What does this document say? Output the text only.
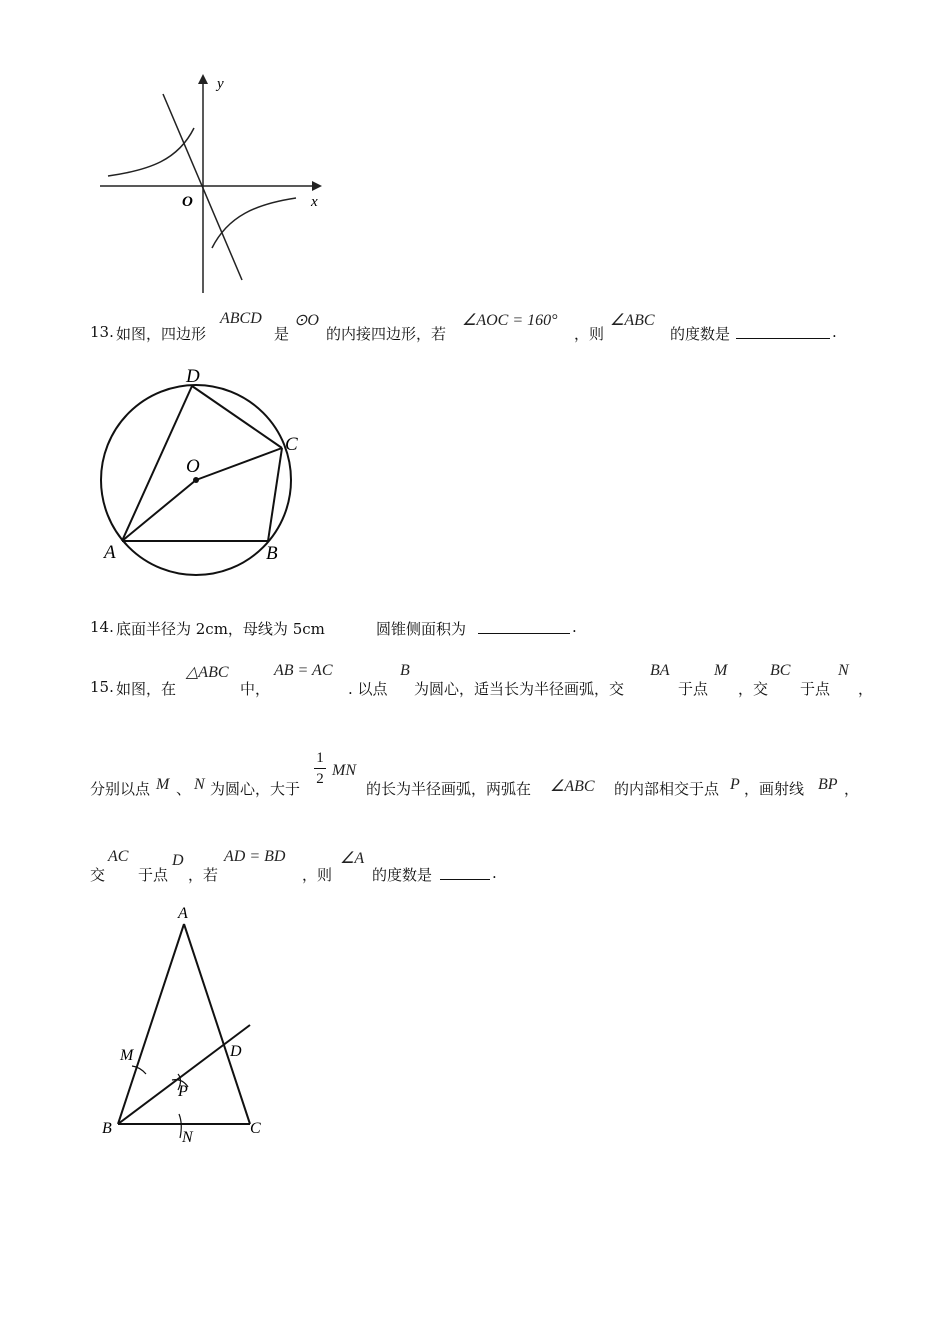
y
x
O
13. 如图，四边形
ABCD
是
⊙O
的内接四边形，若
∠AOC = 160°
，则
∠ABC
的度数是	.
D
C
O
A	B
14. 底面半径为 2cm，母线为 5cm	圆锥侧面积为	.
15. 如图，在
△ABC
中，
AB = AC
. 以点
B
为圆心，适当长为半径画弧，交
BA
于点
M
，交
BC
于点
N
，
分别以点 M 、 N 为圆心，大于
1
2 MN
的长为半径画弧，两弧在 ∠ABC 的内部相交于点 P ，画射线 BP ，
交
AC
于点
D
，若
AD = BD
，则
∠A
的度数是	.
A
M	D
P
B
N
C
